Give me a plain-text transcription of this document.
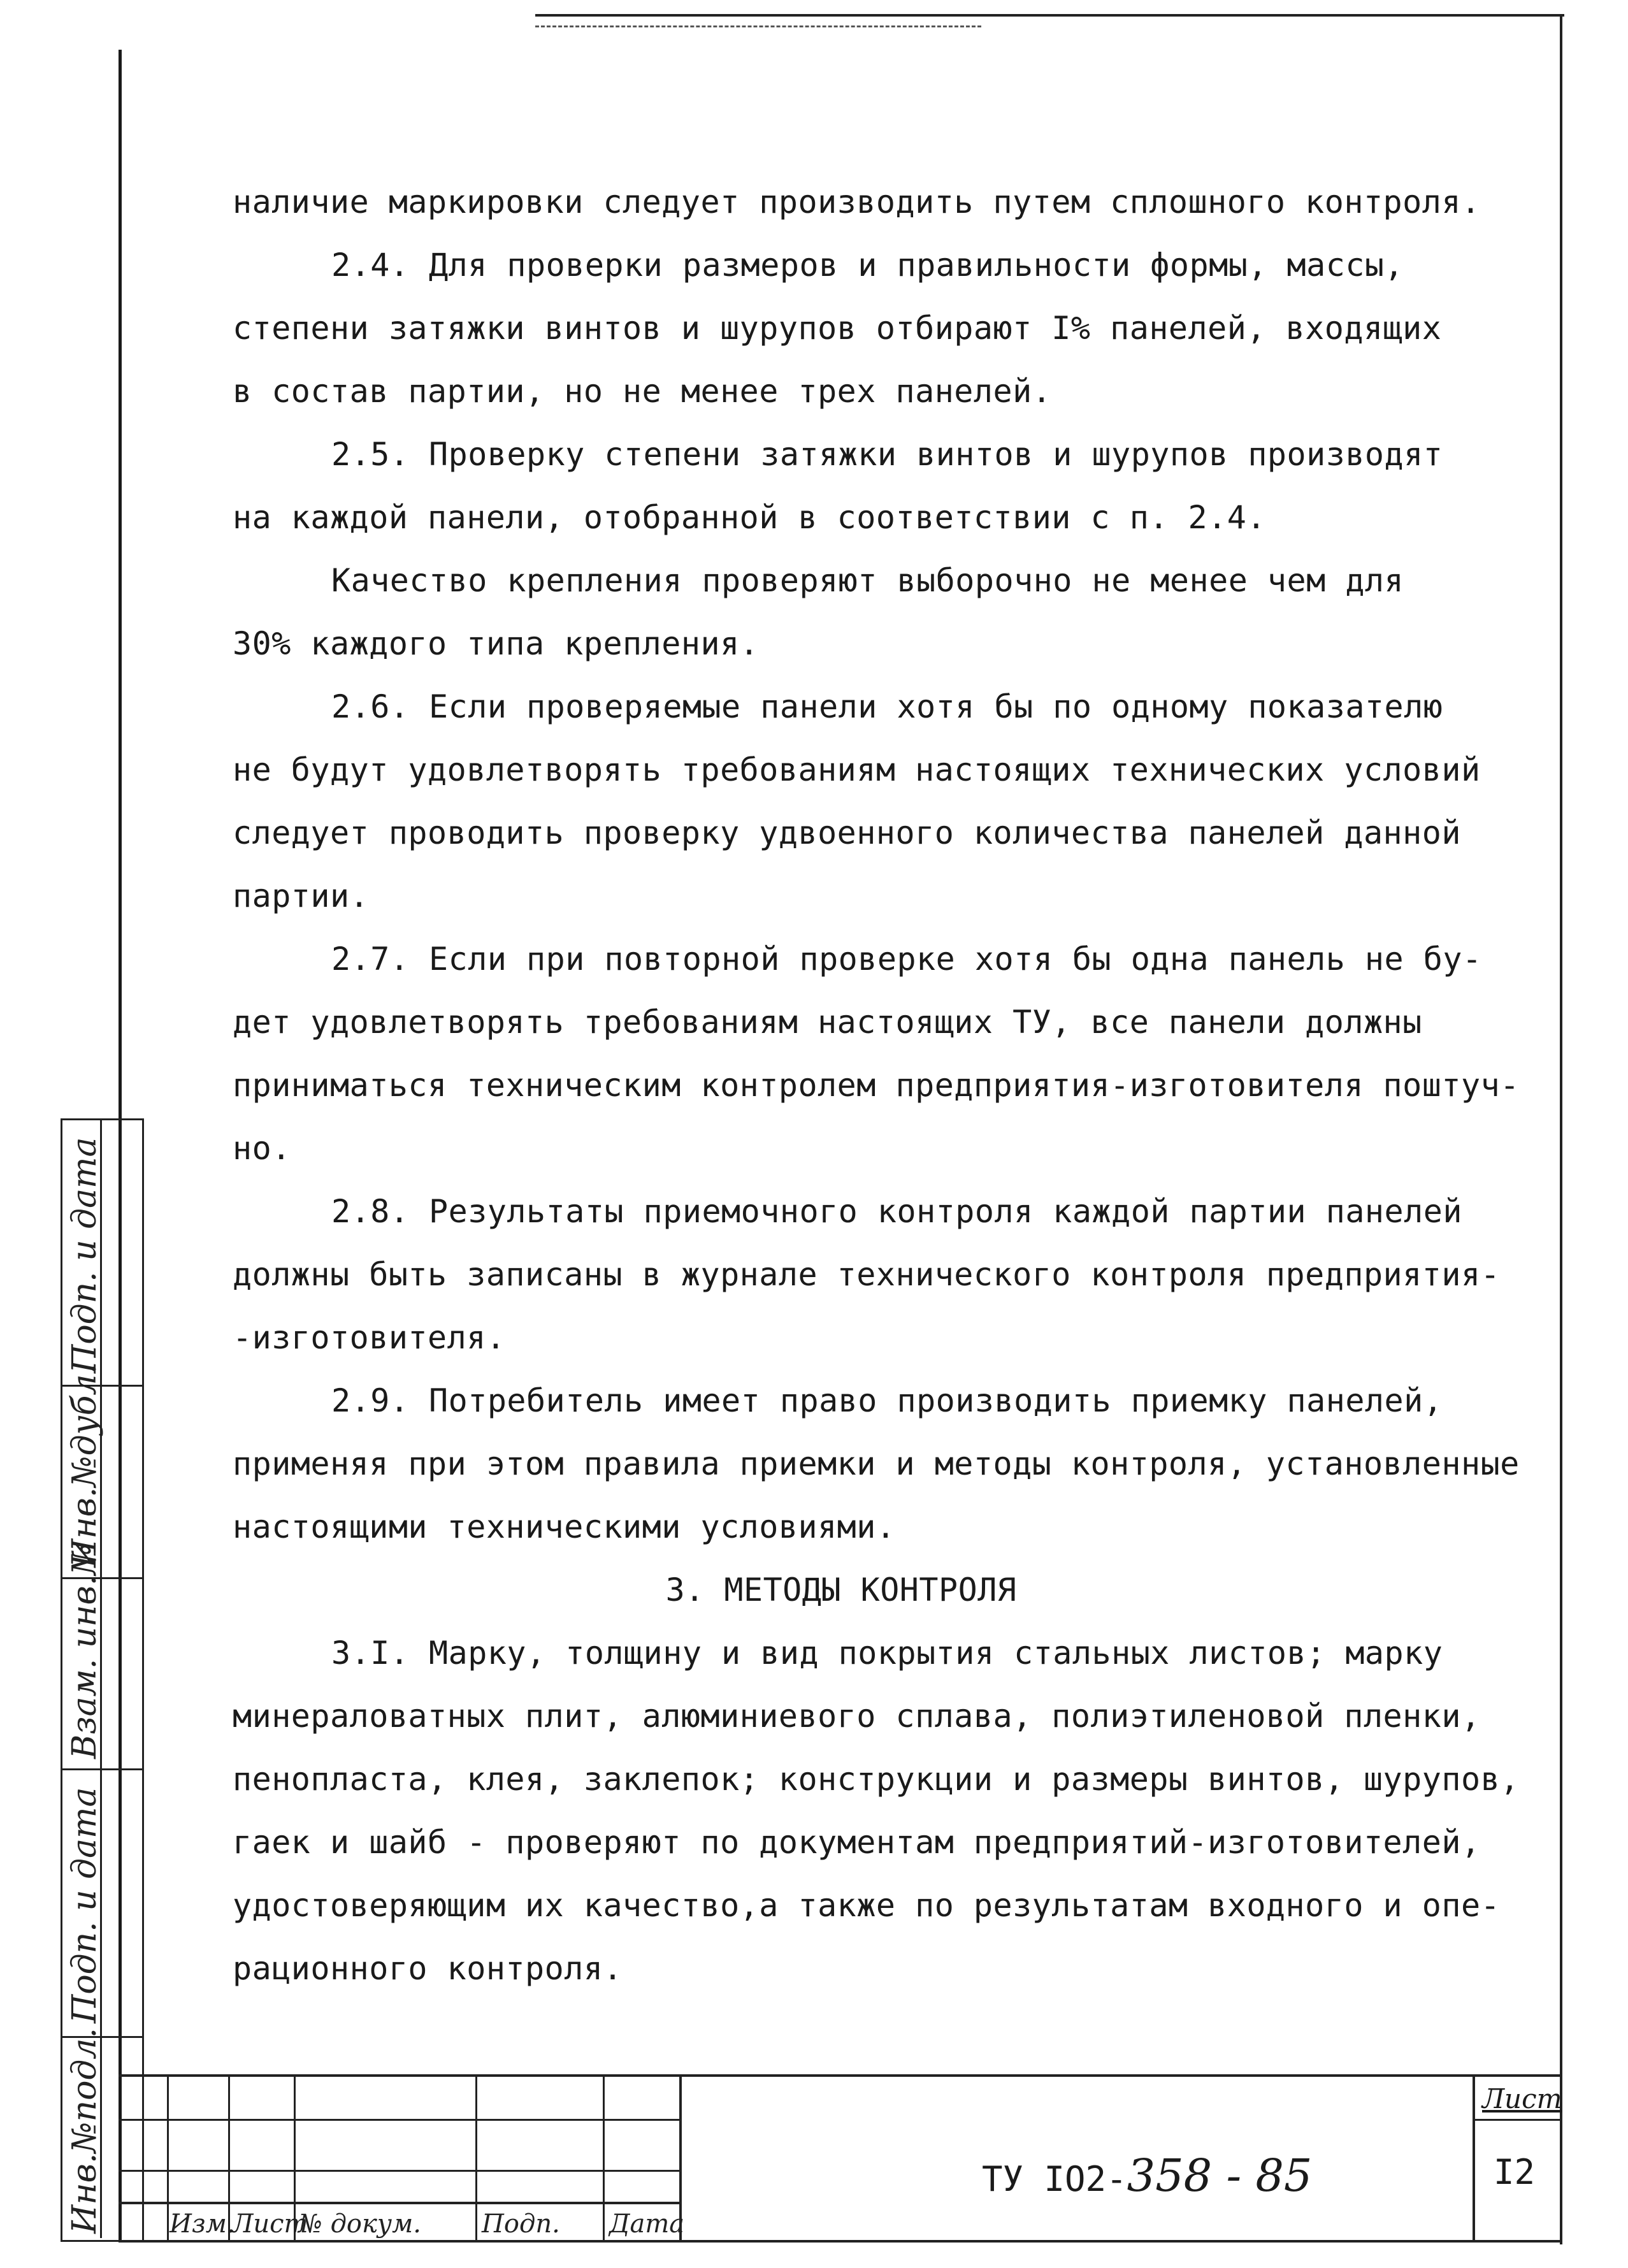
наличие маркировки следует производить путем сплошного контроля.
2.4. Для проверки размеров и правильности формы, массы,
степени затяжки винтов и шурупов отбирают I% панелей, входящих
в состав партии, но не менее трех панелей.
2.5. Проверку степени затяжки винтов и шурупов производят
на каждой панели, отобранной в соответствии с п. 2.4.
Качество крепления проверяют выборочно не менее чем для
30% каждого типа крепления.
2.6. Если проверяемые панели хотя бы по одному показателю
не будут удовлетворять требованиям настоящих технических условий
следует проводить проверку удвоенного количества панелей данной
партии.
2.7. Если при повторной проверке хотя бы одна панель не бу-
дет удовлетворять требованиям настоящих ТУ, все панели должны
приниматься техническим контролем предприятия-изготовителя поштуч-
но.
2.8. Результаты приемочного контроля каждой партии панелей
должны быть записаны в журнале технического контроля предприятия-
-изготовителя.
2.9. Потребитель имеет право производить приемку панелей,
применяя при этом правила приемки и методы контроля, установленные
настоящими техническими условиями.
3. МЕТОДЫ КОНТРОЛЯ
3.I. Марку, толщину и вид покрытия стальных листов; марку
минераловатных плит, алюминиевого сплава, полиэтиленовой пленки,
пенопласта, клея, заклепок; конструкции и размеры винтов, шурупов,
гаек и шайб - проверяют по документам предприятий-изготовителей,
удостоверяющим их качество,а также по результатам входного и опе-
рационного контроля.
Подп. и дата
Инв.№дубл.
Взам. инв.№
Подп. и дата
Инв.№подл.	Изм.
Лист
№ докум. Подп. Дата
ТУ IO2-358 - 85
Лист
I2
